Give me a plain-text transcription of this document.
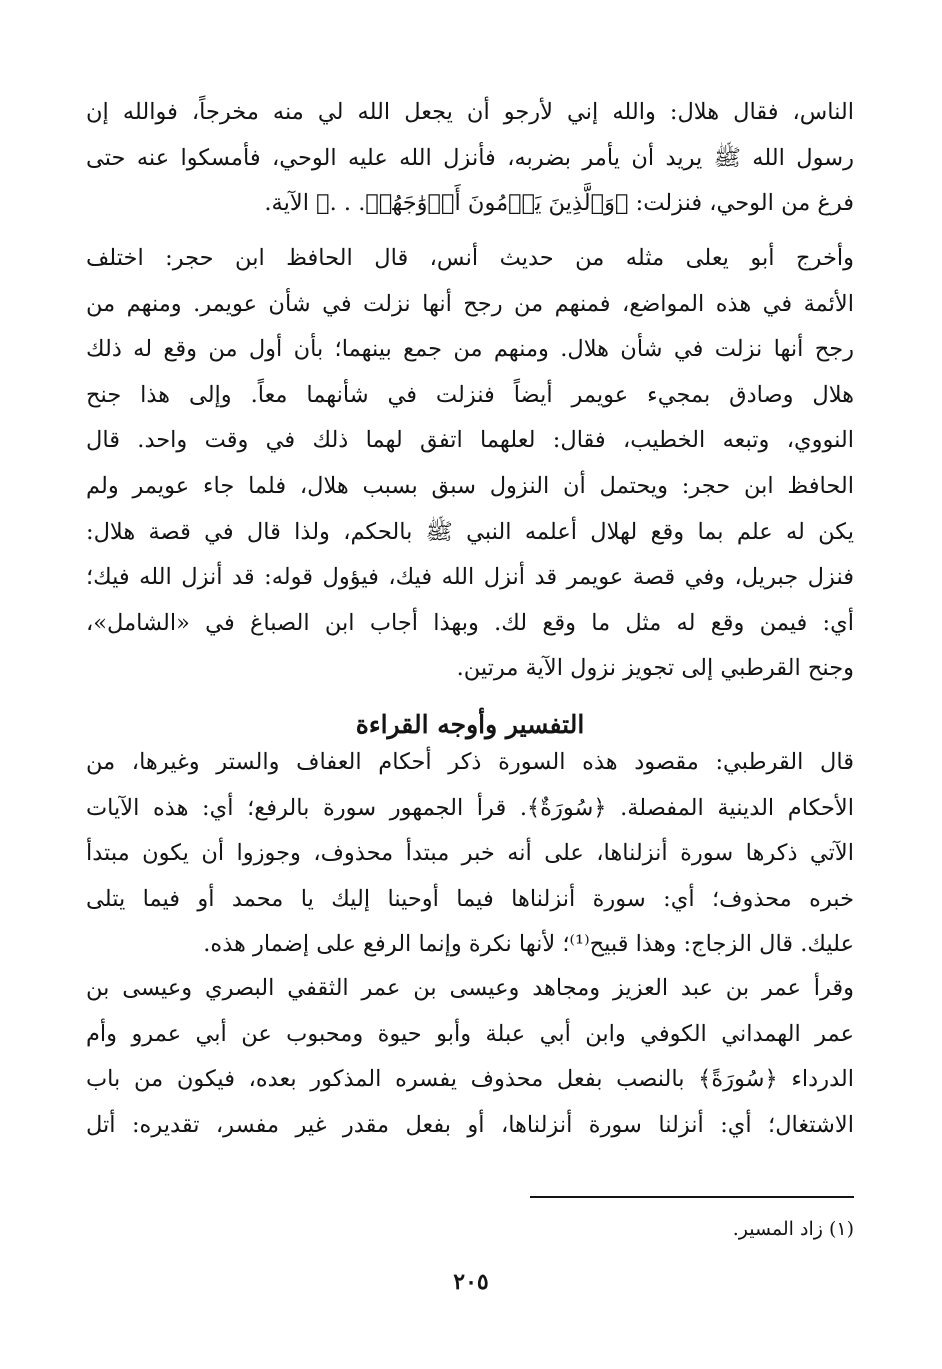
الناس، فقال هلال: والله إني لأرجو أن يجعل الله لي منه مخرجاً، فوالله إن
رسول الله ﷺ يريد أن يأمر بضربه، فأنزل الله عليه الوحي، فأمسكوا عنه حتى
فرغ من الوحي، فنزلت: ﴿وَٱلَّذِينَ يَرۡمُونَ أَزۡوَٰجَهُمۡ. . .﴾ الآية.
وأخرج أبو يعلى مثله من حديث أنس، قال الحافظ ابن حجر: اختلف
الأئمة في هذه المواضع، فمنهم من رجح أنها نزلت في شأن عويمر. ومنهم من
رجح أنها نزلت في شأن هلال. ومنهم من جمع بينهما؛ بأن أول من وقع له ذلك
هلال وصادق بمجيء عويمر أيضاً فنزلت في شأنهما معاً. وإلى هذا جنح
النووي، وتبعه الخطيب، فقال: لعلهما اتفق لهما ذلك في وقت واحد. قال
الحافظ ابن حجر: ويحتمل أن النزول سبق بسبب هلال، فلما جاء عويمر ولم
يكن له علم بما وقع لهلال أعلمه النبي ﷺ بالحكم، ولذا قال في قصة هلال:
فنزل جبريل، وفي قصة عويمر قد أنزل الله فيك، فيؤول قوله: قد أنزل الله فيك؛
أي: فيمن وقع له مثل ما وقع لك. وبهذا أجاب ابن الصباغ في «الشامل»،
وجنح القرطبي إلى تجويز نزول الآية مرتين.
التفسير وأوجه القراءة
قال القرطبي: مقصود هذه السورة ذكر أحكام العفاف والستر وغيرها، من
الأحكام الدينية المفصلة. ﴿سُورَةٌ﴾. قرأ الجمهور سورة بالرفع؛ أي: هذه الآيات
الآتي ذكرها سورة أنزلناها، على أنه خبر مبتدأ محذوف، وجوزوا أن يكون مبتدأ
خبره محذوف؛ أي: سورة أنزلناها فيما أوحينا إليك يا محمد أو فيما يتلى
عليك. قال الزجاج: وهذا قبيح⁽¹⁾؛ لأنها نكرة وإنما الرفع على إضمار هذه.
وقرأ عمر بن عبد العزيز ومجاهد وعيسى بن عمر الثقفي البصري وعيسى بن
عمر الهمداني الكوفي وابن أبي عبلة وأبو حيوة ومحبوب عن أبي عمرو وأم
الدرداء ﴿سُورَةً﴾ بالنصب بفعل محذوف يفسره المذكور بعده، فيكون من باب
الاشتغال؛ أي: أنزلنا سورة أنزلناها، أو بفعل مقدر غير مفسر، تقديره: أتل
(١) زاد المسير.
٢٠٥
